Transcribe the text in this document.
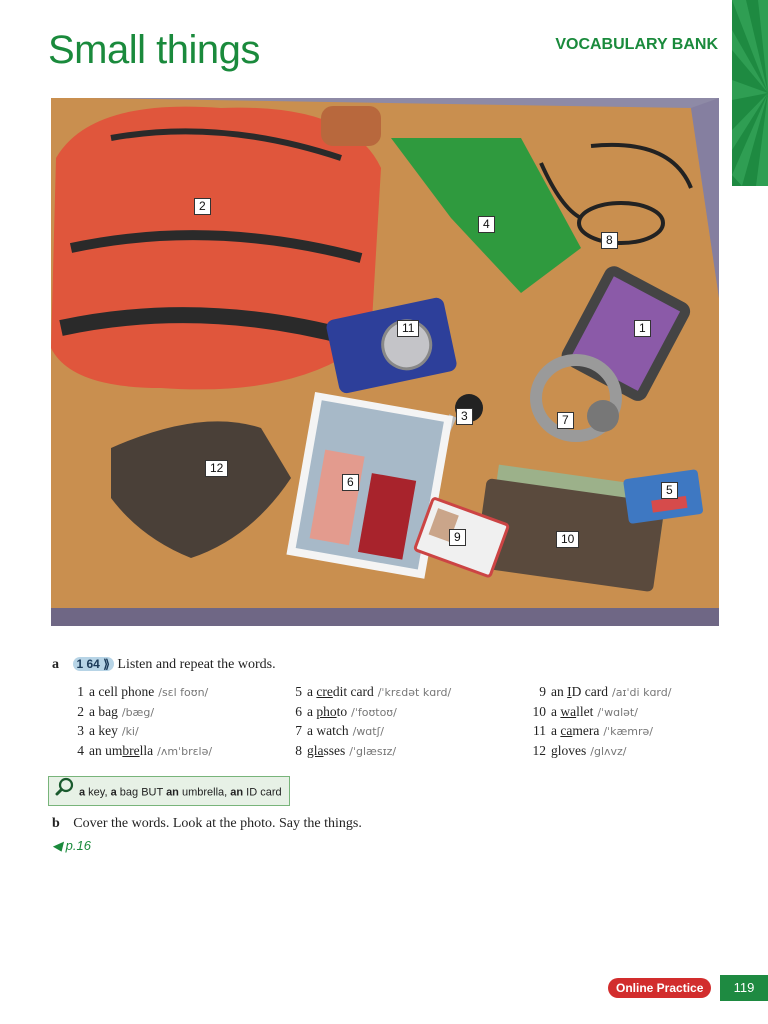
Small things	VOCABULARY BANK
2
4
8
1
11
3	7
12
6
5
9	10
a 1 64 ⟫ Listen and repeat the words.
1 a cell phone /sɛl foʊn/
2 a bag /bæg/
3 a key /ki/
4 an umbrella /ʌmˈbrɛlə/
5 a credit card /ˈkrɛdət kɑrd/
6 a photo /ˈfoʊtoʊ/
7 a watch /wɑtʃ/
8 glasses /ˈglæsɪz/
9 an ID card /aɪˈdi kɑrd/
10 a wallet /ˈwɑlət/
11 a camera /ˈkæmrə/
12 gloves /glʌvz/
a key, a bag BUT an umbrella, an ID card
b Cover the words. Look at the photo. Say the things.
◀ p.16
Online Practice	119
